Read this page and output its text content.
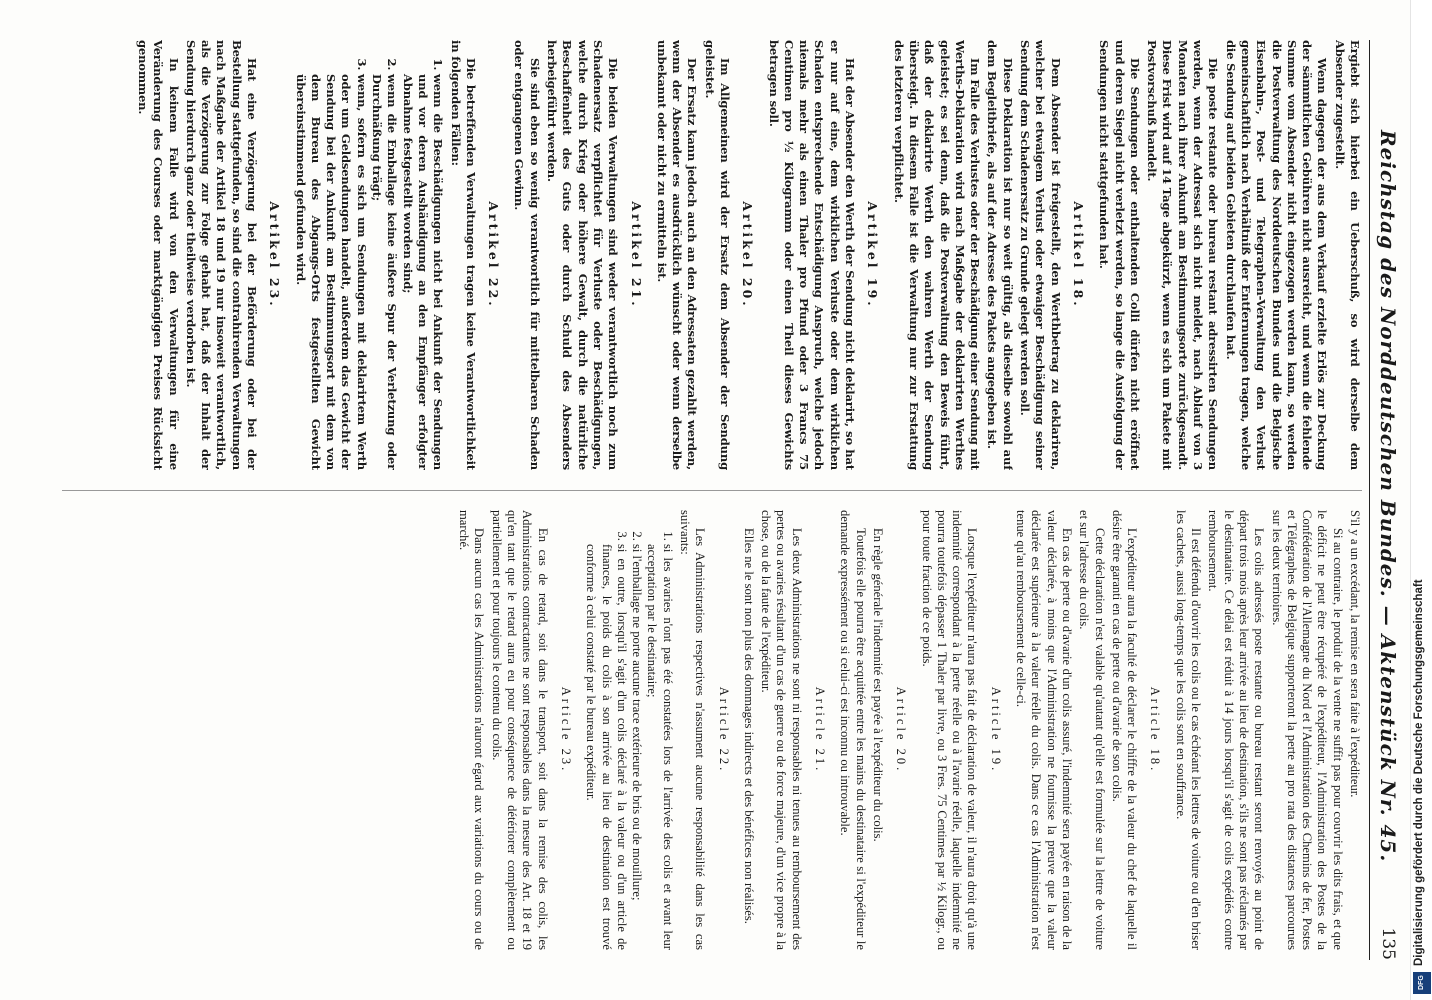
Reichstag des Norddeutschen Bundes. — Aktenstück Nr. 45.
135

Ergiebt sich hierbei ein Ueberschuß, so wird derselbe dem Absender zugestellt.

Wenn dagegen der aus dem Verkauf erzielte Erlös zur Deckung der sämmtlichen Gebühren nicht ausreicht, und wenn die fehlende Summe vom Absender nicht eingezogen werden kann, so werden die Postverwaltung des Norddeutschen Bundes und die Belgische Eisenbahn-, Post- und Telegraphen-Verwaltung den Verlust gemeinschaftlich nach Verhältniß der Entfernungen tragen, welche die Sendung auf beiden Gebieten durchlaufen hat.

Die poste restante oder bureau restant adressirten Sendungen werden, wenn der Adressat sich nicht meldet, nach Ablauf von 3 Monaten nach ihrer Ankunft am Bestimmungsorte zurückgesandt. Diese Frist wird auf 14 Tage abgekürzt, wenn es sich um Pakete mit Postvorschuß handelt.

Die Sendungen oder enthaltenden Colli dürfen nicht eröffnet und deren Siegel nicht verletzt werden, so lange die Ausfolgung der Sendungen nicht stattgefunden hat.

Artikel 18.

Dem Absender ist freigestellt, den Werthbetrag zu deklariren, welcher bei etwaigem Verlust oder etwaiger Beschädigung seiner Sendung dem Schadenersatz zu Grunde gelegt werden soll.

Diese Deklaration ist nur so weit gültig, als dieselbe sowohl auf dem Begleitbriefe, als auf der Adresse des Pakets angegeben ist.

Im Falle des Verlustes oder der Beschädigung einer Sendung mit Werths-Deklaration wird nach Maßgabe der deklarirten Werthes geleistet; es sei denn, daß die Postverwaltung den Beweis führt, daß der deklarirte Werth den wahren Werth der Sendung übersteigt. In diesem Falle ist die Verwaltung nur zur Erstattung des letzteren verpflichtet.

Artikel 19.

Hat der Absender den Werth der Sendung nicht deklarirt, so hat er nur auf eine, dem wirklichen Verluste oder dem wirklichen Schaden entsprechende Entschädigung Anspruch, welche jedoch niemals mehr als einen Thaler pro Pfund oder 3 Francs 75 Centimen pro ½ Kilogramm oder einen Theil dieses Gewichts betragen soll.

Artikel 20.

Im Allgemeinen wird der Ersatz dem Absender der Sendung geleistet.

Der Ersatz kann jedoch auch an den Adressaten gezahlt werden, wenn der Absender es ausdrücklich wünscht oder wenn derselbe unbekannt oder nicht zu ermitteln ist.

Artikel 21.

Die beiden Verwaltungen sind weder verantwortlich noch zum Schadenersatz verpflichtet für Verluste oder Beschädigungen, welche durch Krieg oder höhere Gewalt, durch die natürliche Beschaffenheit des Guts oder durch Schuld des Absenders herbeigeführt werden.

Sie sind eben so wenig verantwortlich für mittelbaren Schaden oder entgangenen Gewinn.

Artikel 22.

Die betreffenden Verwaltungen tragen keine Verantwortlichkeit in folgenden Fällen:

1. wenn die Beschädigungen nicht bei Ankunft der Sendungen und vor deren Aushändigung an den Empfänger erfolgter Abnahme festgestellt worden sind;
2. wenn die Emballage keine äußere Spur der Verletzung oder Durchnäßung trägt;
3. wenn, sofern es sich um Sendungen mit deklarirtem Werth oder um Geldsendungen handelt, außerdem das Gewicht der Sendung bei der Ankunft am Bestimmungsort mit dem von dem Bureau des Abgangs-Orts festgestellten Gewicht übereinstimmend gefunden wird.
Artikel 23.

Hat eine Verzögerung bei der Beförderung oder bei der Bestellung stattgefunden, so sind die contrahirenden Verwaltungen nach Maßgabe der Artikel 18 und 19 nur insoweit verantwortlich, als die Verzögerung zur Folge gehabt hat, daß der Inhalt der Sendung hierdurch ganz oder theilweise verdorben ist.

In keinem Falle wird von den Verwaltungen für eine Veränderung des Courses oder marktgängigen Preises Rücksicht genommen.

S'il y a un excédant, la remise en sera faite à l'expéditeur.

Si au contraire, le produit de la vente ne suffit pas pour couvrir les dits frais, et que le déficit ne peut être récupéré de l'expéditeur, l'Administration des Postes de la Confédération de l'Allemagne du Nord et l'Administration des Chemins de fer, Postes et Télégraphes de Belgique supporteront la perte au pro rata des distances parcourues sur les deux territoires.

Les colis adressés poste restante ou bureau restant seront renvoyés au point de départ trois mois après leur arrivée au lieu de destination, s'ils ne sont pas réclamés par le destinataire. Ce délai est réduit à 14 jours lorsqu'il s'agit de colis expédiés contre remboursement.

Il est défendu d'ouvrir les colis ou le cas échéant les lettres de voiture ou d'en briser les cachets, aussi long-temps que les colis sont en souffrance.

Article 18.

L'expéditeur aura la faculté de déclarer le chiffre de la valeur du chef de laquelle il désire être garanti en cas de perte ou d'avarie de son colis.

Cette déclaration n'est valable qu'autant qu'elle est formulée sur la lettre de voiture et sur l'adresse du colis.

En cas de perte ou d'avarie d'un colis assuré, l'indemnité sera payée en raison de la valeur déclarée, à moins que l'Administration ne fournisse la preuve que la valeur déclarée est supérieure à la valeur réelle du colis. Dans ce cas l'Administration n'est tenue qu'au remboursement de celle-ci.

Article 19.

Lorsque l'expéditeur n'aura pas fait de déclaration de valeur, il n'aura droit qu'à une indemnité correspondant à la perte réelle ou à l'avarie réelle, laquelle indemnité ne pourra toutefois dépasser 1 Thaler par livre, ou 3 Fres. 75 Centimes par ½ Kilogr., ou pour toute fraction de ce poids.

Article 20.

En règle générale l'indemnité est payée à l'expéditeur du colis.

Toutefois elle pourra être acquittée entre les mains du destinataire si l'expéditeur le demande expressément ou si celui-ci est inconnu ou introuvable.

Article 21.

Les deux Administrations ne sont ni responsables ni tenues au remboursement des pertes ou avaries résultant d'un cas de guerre ou de force majeure, d'un vice propre à la chose, ou de la faute de l'expéditeur.

Elles ne le sont non plus des dommages indirects et des bénéfices non réalisés.

Article 22.

Les Administrations respectives n'assument aucune responsabilité dans les cas suivants:

1. si les avaries n'ont pas été constatées lors de l'arrivée des colis et avant leur acceptation par le destinataire;
2. si l'emballage ne porte aucune trace extérieure de bris ou de mouillure;
3. si en outre, lorsqu'il s'agit d'un colis déclaré à la valeur ou d'un article de finances, le poids du colis à son arrivée au lieu de destination est trouvé conforme à celui constaté par le bureau expéditeur.
Article 23.

En cas de retard, soit dans le transport, soit dans la remise des colis, les Administrations contractantes ne sont responsables dans la mesure des Art. 18 et 19 qu'en tant que le retard aura eu pour conséquence de détériorer complètement ou partiellement et pour toujours le contenu du colis.

Dans aucun cas les Administrations n'auront égard aux variations du cours ou de marché.

Digitalisierung gefördert durch die Deutsche Forschungsgemeinschaft
DFG
